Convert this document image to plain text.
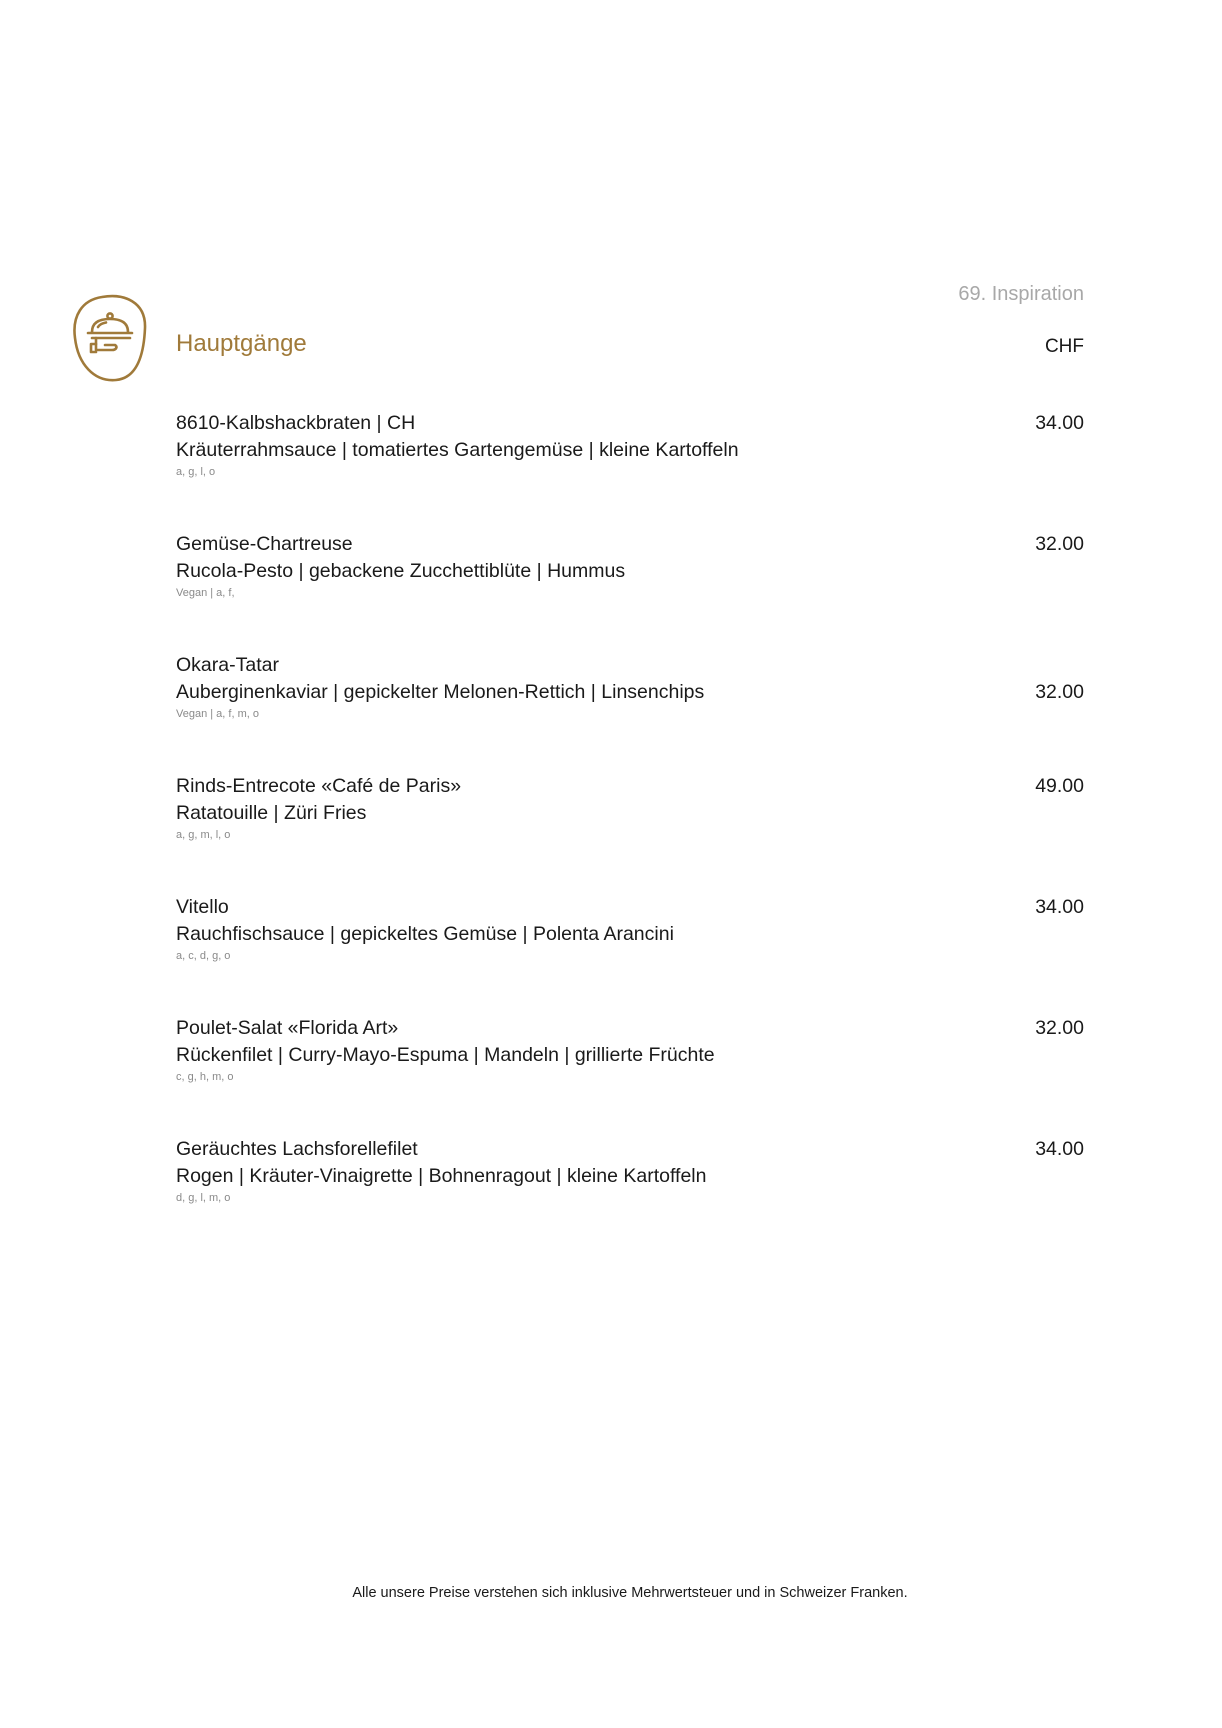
69. Inspiration
Hauptgänge	CHF
8610-Kalbshackbraten | CH
Kräuterrahmsauce | tomatiertes Gartengemüse | kleine Kartoffeln
a, g, l, o
34.00
Gemüse-Chartreuse
Rucola-Pesto | gebackene Zucchettiblüte | Hummus
Vegan | a, f,
32.00
Okara-Tatar
Auberginenkaviar | gepickelter Melonen-Rettich | Linsenchips
Vegan | a, f, m, o
32.00
Rinds-Entrecote «Café de Paris»
Ratatouille | Züri Fries
a, g, m, l, o
49.00
Vitello
Rauchfischsauce | gepickeltes Gemüse | Polenta Arancini
a, c, d, g, o
34.00
Poulet-Salat «Florida Art»
Rückenfilet | Curry-Mayo-Espuma | Mandeln | grillierte Früchte
c, g, h, m, o
32.00
Geräuchtes Lachsforellefilet
Rogen | Kräuter-Vinaigrette | Bohnenragout | kleine Kartoffeln
d, g, l, m, o
34.00
Alle unsere Preise verstehen sich inklusive Mehrwertsteuer und in Schweizer Franken.
